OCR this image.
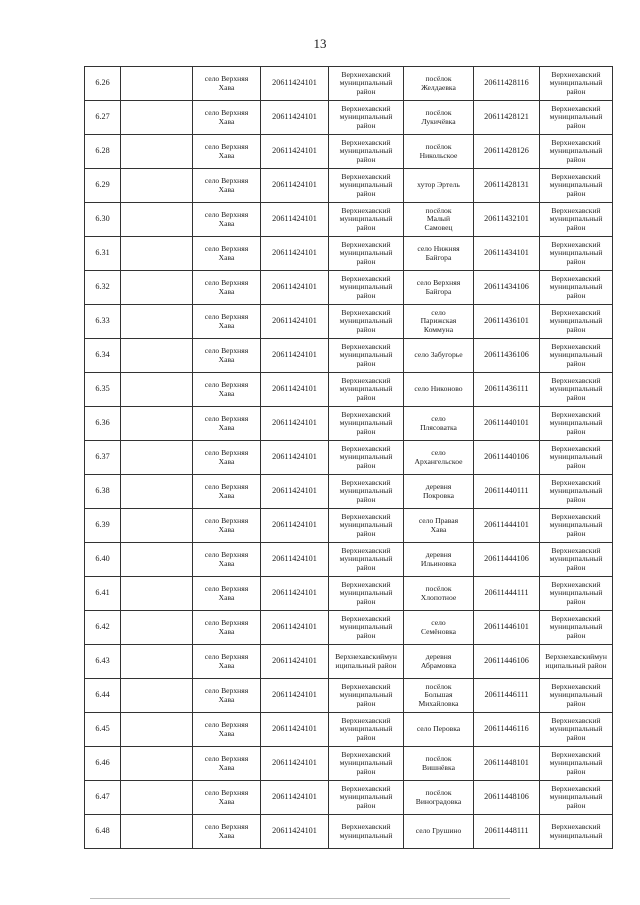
13
6.26		село Верхняя
Хава	20611424101	Верхнехавский
муниципальный
район	посёлок
Желдаевка	20611428116	Верхнехавский
муниципальный
район
6.27		село Верхняя
Хава	20611424101	Верхнехавский
муниципальный
район	посёлок
Лукичёвка	20611428121	Верхнехавский
муниципальный
район
6.28		село Верхняя
Хава	20611424101	Верхнехавский
муниципальный
район	посёлок
Никольское	20611428126	Верхнехавский
муниципальный
район
6.29		село Верхняя
Хава	20611424101	Верхнехавский
муниципальный
район	хутор Эртель	20611428131	Верхнехавский
муниципальный
район
6.30		село Верхняя
Хава	20611424101	Верхнехавский
муниципальный
район	посёлок
Малый
Самовец	20611432101	Верхнехавский
муниципальный
район
6.31		село Верхняя
Хава	20611424101	Верхнехавский
муниципальный
район	село Нижняя
Байгора	20611434101	Верхнехавский
муниципальный
район
6.32		село Верхняя
Хава	20611424101	Верхнехавский
муниципальный
район	село Верхняя
Байгора	20611434106	Верхнехавский
муниципальный
район
6.33		село Верхняя
Хава	20611424101	Верхнехавский
муниципальный
район	село
Парижская
Коммуна	20611436101	Верхнехавский
муниципальный
район
6.34		село Верхняя
Хава	20611424101	Верхнехавский
муниципальный
район	село Забугорье	20611436106	Верхнехавский
муниципальный
район
6.35		село Верхняя
Хава	20611424101	Верхнехавский
муниципальный
район	село Никоново	20611436111	Верхнехавский
муниципальный
район
6.36		село Верхняя
Хава	20611424101	Верхнехавский
муниципальный
район	село
Плясоватка	20611440101	Верхнехавский
муниципальный
район
6.37		село Верхняя
Хава	20611424101	Верхнехавский
муниципальный
район	село
Архангельское	20611440106	Верхнехавский
муниципальный
район
6.38		село Верхняя
Хава	20611424101	Верхнехавский
муниципальный
район	деревня
Покровка	20611440111	Верхнехавский
муниципальный
район
6.39		село Верхняя
Хава	20611424101	Верхнехавский
муниципальный
район	село Правая
Хава	20611444101	Верхнехавский
муниципальный
район
6.40		село Верхняя
Хава	20611424101	Верхнехавский
муниципальный
район	деревня
Ильиновка	20611444106	Верхнехавский
муниципальный
район
6.41		село Верхняя
Хава	20611424101	Верхнехавский
муниципальный
район	посёлок
Хлопотное	20611444111	Верхнехавский
муниципальный
район
6.42		село Верхняя
Хава	20611424101	Верхнехавский
муниципальный
район	село
Семёновка	20611446101	Верхнехавский
муниципальный
район
6.43		село Верхняя
Хава	20611424101	Верхнехавскиймун
иципальный район	деревня
Абрамовка	20611446106	Верхнехавскиймун
иципальный район
6.44		село Верхняя
Хава	20611424101	Верхнехавский
муниципальный
район	посёлок
Большая
Михайловка	20611446111	Верхнехавский
муниципальный
район
6.45		село Верхняя
Хава	20611424101	Верхнехавский
муниципальный
район	село Перовка	20611446116	Верхнехавский
муниципальный
район
6.46		село Верхняя
Хава	20611424101	Верхнехавский
муниципальный
район	посёлок
Вишнёвка	20611448101	Верхнехавский
муниципальный
район
6.47		село Верхняя
Хава	20611424101	Верхнехавский
муниципальный
район	посёлок
Виноградовка	20611448106	Верхнехавский
муниципальный
район
6.48		село Верхняя
Хава	20611424101	Верхнехавский
муниципальный	село Грушино	20611448111	Верхнехавский
муниципальный
